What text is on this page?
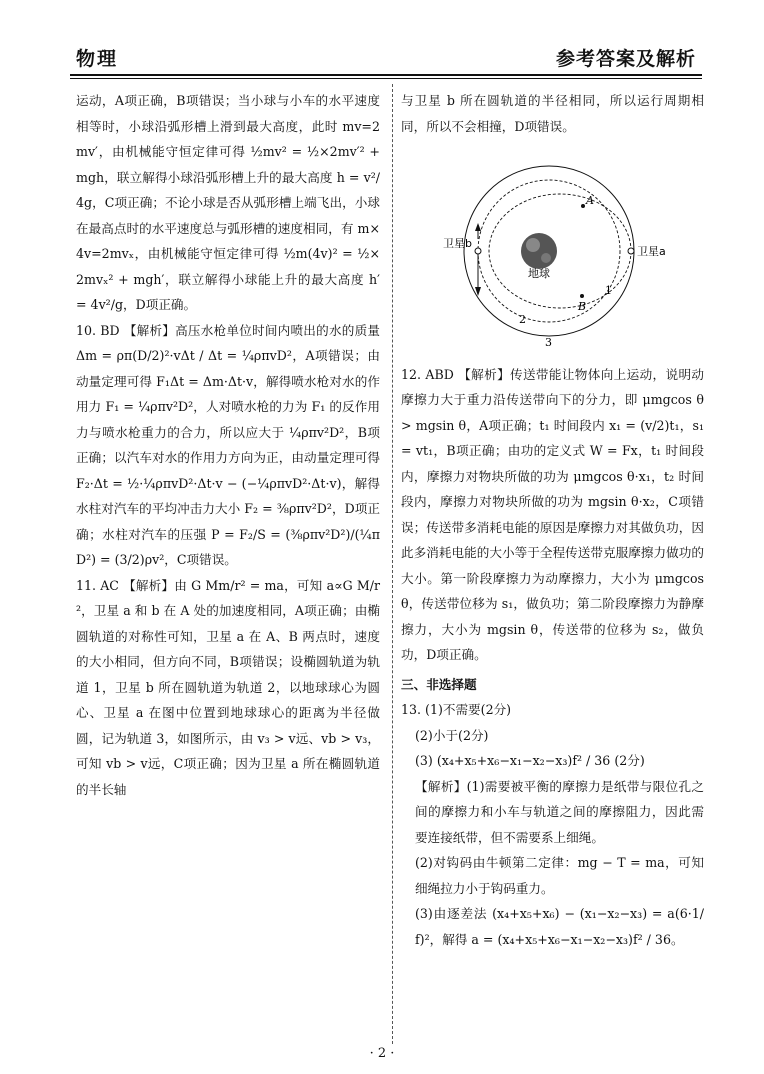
物理	参考答案及解析

运动，A项正确，B项错误；当小球与小车的水平速度相等时，小球沿弧形槽上滑到最大高度，此时 mv=2mv′，由机械能守恒定律可得 ½mv² = ½×2mv′² + mgh，联立解得小球沿弧形槽上升的最大高度 h = v²/4g，C项正确；不论小球是否从弧形槽上端飞出，小球在最高点时的水平速度总与弧形槽的速度相同，有 m×4v=2mvₓ，由机械能守恒定律可得 ½m(4v)² = ½×2mvₓ² + mgh′，联立解得小球能上升的最大高度 h′ = 4v²/g，D项正确。

10. BD 【解析】高压水枪单位时间内喷出的水的质量 Δm = ρπ(D/2)²·vΔt / Δt = ¼ρπvD²，A项错误；由动量定理可得 F₁Δt = Δm·Δt·v，解得喷水枪对水的作用力 F₁ = ¼ρπv²D²，人对喷水枪的力为 F₁ 的反作用力与喷水枪重力的合力，所以应大于 ¼ρπv²D²，B项正确；以汽车对水的作用力方向为正，由动量定理可得 F₂·Δt = ½·¼ρπvD²·Δt·v − (−¼ρπvD²·Δt·v)，解得水柱对汽车的平均冲击力大小 F₂ = ⅜ρπv²D²，D项正确；水柱对汽车的压强 P = F₂/S = (⅜ρπv²D²)/(¼πD²) = (3/2)ρv²，C项错误。

11. AC 【解析】由 G Mm/r² = ma，可知 a∝G M/r²，卫星 a 和 b 在 A 处的加速度相同，A项正确；由椭圆轨道的对称性可知，卫星 a 在 A、B 两点时，速度的大小相同，但方向不同，B项错误；设椭圆轨道为轨道 1，卫星 b 所在圆轨道为轨道 2，以地球球心为圆心、卫星 a 在图中位置到地球球心的距离为半径做圆，记为轨道 3，如图所示，由 v₃ > v远、vb > v₃，可知 vb > v远，C项正确；因为卫星 a 所在椭圆轨道的半长轴

与卫星 b 所在圆轨道的半径相同，所以运行周期相同，所以不会相撞，D项错误。

地球
卫星a
卫星b
A
B
1
2
3

12. ABD 【解析】传送带能让物体向上运动，说明动摩擦力大于重力沿传送带向下的分力，即 μmgcos θ > mgsin θ，A项正确；t₁ 时间段内 x₁ = (v/2)t₁，s₁ = vt₁，B项正确；由功的定义式 W = Fx，t₁ 时间段内，摩擦力对物块所做的功为 μmgcos θ·x₁，t₂ 时间段内，摩擦力对物块所做的功为 mgsin θ·x₂，C项错误；传送带多消耗电能的原因是摩擦力对其做负功，因此多消耗电能的大小等于全程传送带克服摩擦力做功的大小。第一阶段摩擦力为动摩擦力，大小为 μmgcos θ，传送带位移为 s₁，做负功；第二阶段摩擦力为静摩擦力，大小为 mgsin θ，传送带的位移为 s₂，做负功，D项正确。

三、非选择题

13. (1)不需要(2分)

(2)小于(2分)

(3) (x₄+x₅+x₆−x₁−x₂−x₃)f² / 36 (2分)

【解析】(1)需要被平衡的摩擦力是纸带与限位孔之间的摩擦力和小车与轨道之间的摩擦阻力，因此需要连接纸带，但不需要系上细绳。

(2)对钩码由牛顿第二定律：mg − T = ma，可知细绳拉力小于钩码重力。

(3)由逐差法 (x₄+x₅+x₆) − (x₁−x₂−x₃) = a(6·1/f)²，解得 a = (x₄+x₅+x₆−x₁−x₂−x₃)f² / 36。

· 2 ·
